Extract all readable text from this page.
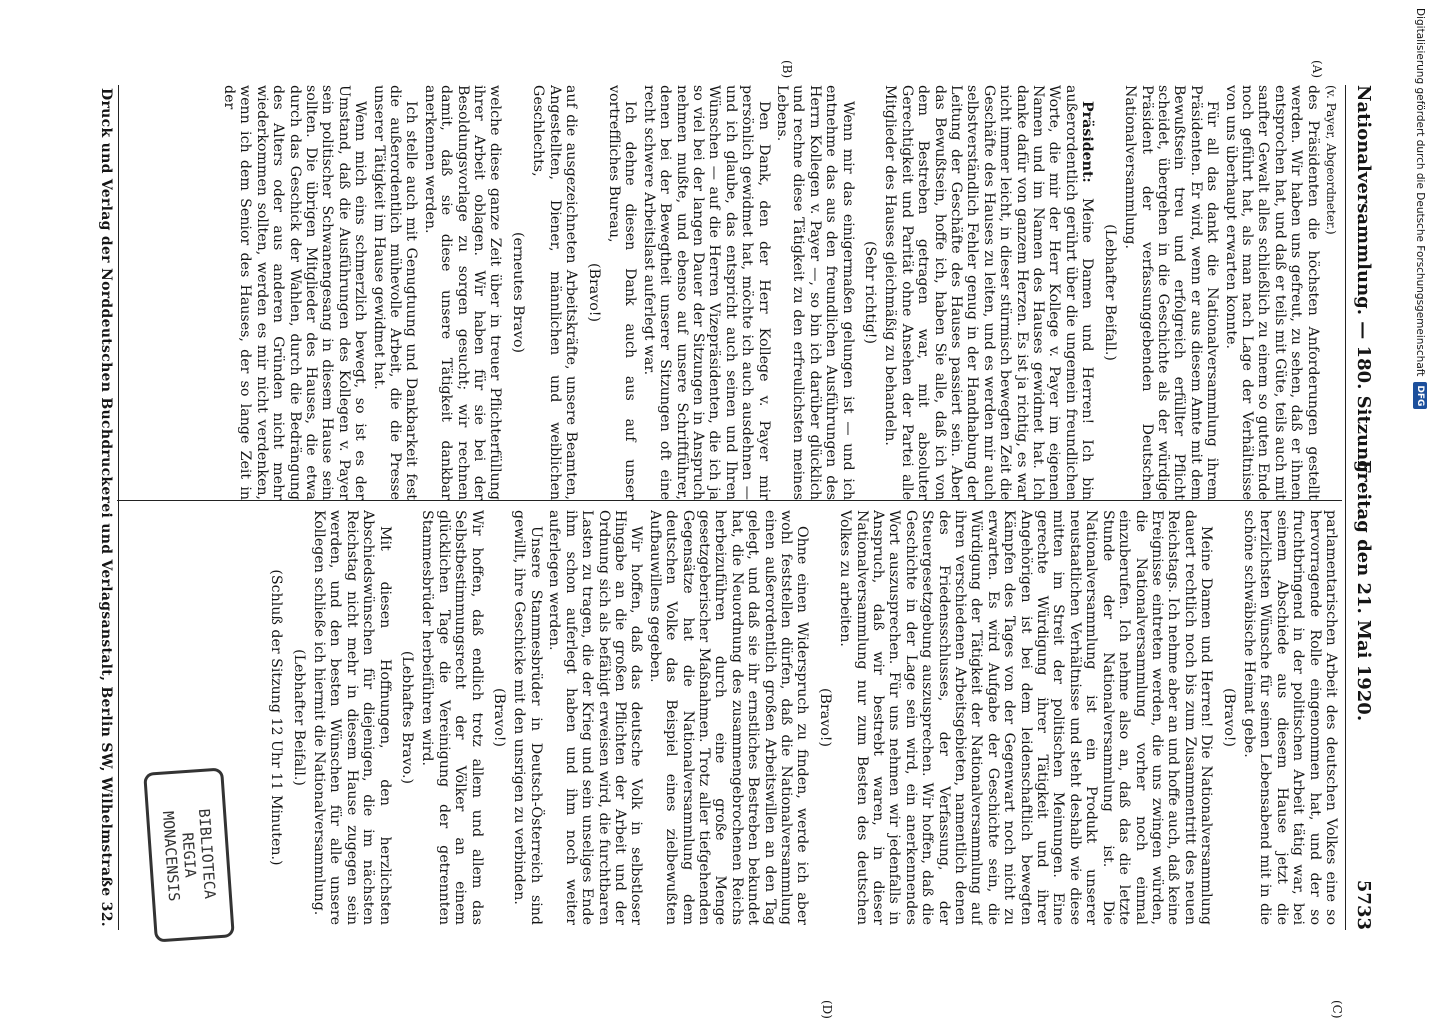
Nationalversammlung. — 180. Sitzung.
Freitag den 21. Mai 1920.
5733
(A)
(B)
(C)
(D)

(v. Payer, Abgeordneter.)

des Präsidenten die höchsten Anforderungen gestellt werden. Wir haben uns gefreut, zu sehen, daß er ihnen entsprochen hat, und daß er teils mit Güte, teils auch mit sanfter Gewalt alles schließlich zu einem so guten Ende noch geführt hat, als man nach Lage der Verhältnisse von uns überhaupt erwarten konnte.

Für all das dankt die Nationalversammlung ihrem Präsidenten. Er wird, wenn er aus diesem Amte mit dem Bewußtsein treu und erfolgreich erfüllter Pflicht scheidet, übergehen in die Geschichte als der würdige Präsident der verfassunggebenden Deutschen Nationalversammlung.

(Lebhafter Beifall.)

Präsident: Meine Damen und Herren! Ich bin außerordentlich gerührt über die ungemein freundlichen Worte, die mir der Herr Kollege v. Payer im eigenen Namen und im Namen des Hauses gewidmet hat. Ich danke dafür von ganzem Herzen. Es ist ja richtig, es war nicht immer leicht, in dieser stürmisch bewegten Zeit die Geschäfte des Hauses zu leiten, und es werden mir auch selbstverständlich Fehler genug in der Handhabung der Leitung der Geschäfte des Hauses passiert sein. Aber das Bewußtsein, hoffe ich, haben Sie alle, daß ich von dem Bestreben getragen war, mit absoluter Gerechtigkeit und Parität ohne Ansehen der Partei alle Mitglieder des Hauses gleichmäßig zu behandeln.

(Sehr richtig!)

Wenn mir das einigermaßen gelungen ist — und ich entnehme das aus den freundlichen Ausführungen des Herrn Kollegen v. Payer —, so bin ich darüber glücklich und rechne diese Tätigkeit zu den erfreulichsten meines Lebens.

Den Dank, den der Herr Kollege v. Payer mir persönlich gewidmet hat, möchte ich auch ausdehnen — und ich glaube, das entspricht auch seinen und Ihren Wünschen — auf die Herren Vizepräsidenten, die ich ja so viel bei der langen Dauer der Sitzungen in Anspruch nehmen mußte, und ebenso auf unsere Schriftführer, denen bei der Bewegtheit unserer Sitzungen oft eine recht schwere Arbeitslast auferlegt war.

Ich dehne diesen Dank auch aus auf unser vortreffliches Bureau,

(Bravo!)

auf die ausgezeichneten Arbeitskräfte, unsere Beamten, Angestellten, Diener, männlichen und weiblichen Geschlechts,

(erneutes Bravo)

welche diese ganze Zeit über in treuer Pflichterfüllung ihrer Arbeit oblagen. Wir haben für sie bei der Besoldungsvorlage zu sorgen gesucht; wir rechnen damit, daß sie diese unsere Tätigkeit dankbar anerkennen werden.

Ich stelle auch mit Genugtuung und Dankbarkeit fest die außerordentlich mühevolle Arbeit, die die Presse unserer Tätigkeit im Hause gewidmet hat.

Wenn mich eins schmerzlich bewegt, so ist es der Umstand, daß die Ausführungen des Kollegen v. Payer sein politischer Schwanengesang in diesem Hause sein sollten. Die übrigen Mitglieder des Hauses, die etwa durch das Geschick der Wahlen, durch die Bedrängung des Alters oder aus anderen Gründen nicht mehr wiederkommen sollten, werden es mir nicht verdenken, wenn ich dem Senior des Hauses, der so lange Zeit in der

parlamentarischen Arbeit des deutschen Volkes eine so hervorragende Rolle eingenommen hat, und der so fruchtbringend in der politischen Arbeit tätig war, bei seinem Abschiede aus diesem Hause jetzt die herzlichsten Wünsche für seinen Lebensabend mit in die schöne schwäbische Heimat gebe.

(Bravo!)

Meine Damen und Herren! Die Nationalversammlung dauert rechtlich noch bis zum Zusammentritt des neuen Reichstags. Ich nehme aber an und hoffe auch, daß keine Ereignisse eintreten werden, die uns zwingen würden, die Nationalversammlung vorher noch einmal einzuberufen. Ich nehme also an, daß das die letzte Stunde der Nationalversammlung ist. Die Nationalversammlung ist ein Produkt unserer neustaatlichen Verhältnisse und steht deshalb wie diese mitten im Streit der politischen Meinungen. Eine gerechte Würdigung ihrer Tätigkeit und ihrer Angehörigen ist bei dem leidenschaftlich bewegten Kämpfen des Tages von der Gegenwart noch nicht zu erwarten. Es wird Aufgabe der Geschichte sein, die Würdigung der Tätigkeit der Nationalversammlung auf ihren verschiedenen Arbeitsgebieten, namentlich denen des Friedensschlusses, der Verfassung, der Steuergesetzgebung auszusprechen. Wir hoffen, daß die Geschichte in der Lage sein wird, ein anerkennendes Wort auszusprechen. Für uns nehmen wir jedenfalls in Anspruch, daß wir bestrebt waren, in dieser Nationalversammlung nur zum Besten des deutschen Volkes zu arbeiten.

(Bravo!)

Ohne einen Widerspruch zu finden, werde ich aber wohl feststellen dürfen, daß die Nationalversammlung einen außerordentlich großen Arbeitswillen an den Tag gelegt, und daß sie ihr ernstliches Bestreben bekundet hat, die Neuordnung des zusammengebrochenen Reichs herbeizuführen durch eine große Menge gesetzgeberischer Maßnahmen. Trotz aller tiefgehenden Gegensätze hat die Nationalversammlung dem deutschen Volke das Beispiel eines zielbewußten Aufbauwillens gegeben.

Wir hoffen, daß das deutsche Volk in selbstloser Hingabe an die großen Pflichten der Arbeit und der Ordnung sich als befähigt erweisen wird, die furchtbaren Lasten zu tragen, die der Krieg und sein unseliges Ende ihm schon auferlegt haben und ihm noch weiter auferlegen werden.

Unsere Stammesbrüder in Deutsch-Österreich sind gewillt, ihre Geschicke mit den unsrigen zu verbinden.

(Bravo!)

Wir hoffen, daß endlich trotz allem und allem das Selbstbestimmungsrecht der Völker an einem glücklichen Tage die Vereinigung der getrennten Stammesbrüder herbeiführen wird.

(Lebhaftes Bravo.)

Mit diesen Hoffnungen, den herzlichsten Abschiedswünschen für diejenigen, die im nächsten Reichstag nicht mehr in diesem Hause zugegen sein werden, und den besten Wünschen für alle unsere Kollegen schließe ich hiermit die Nationalversammlung.

(Lebhafter Beifall.)

(Schluß der Sitzung 12 Uhr 11 Minuten.)

BIBLIOTECA
REGIA
MONACENSIS
Druck und Verlag der Norddeutschen Buchdruckerei und Verlagsanstalt, Berlin SW, Wilhelmstraße 32.	Digitalisierung gefördert durch die Deutsche Forschungsgemeinschaft
DFG
